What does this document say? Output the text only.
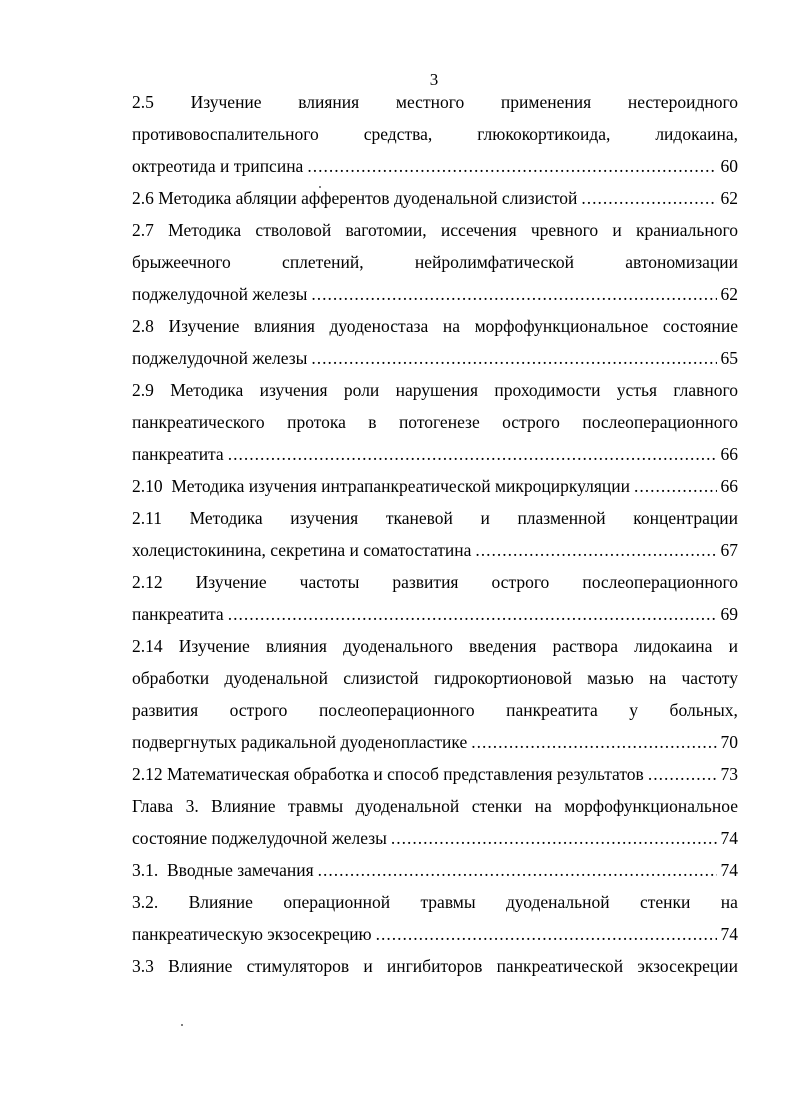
3
2.5 Изучение влияния местного применения нестероидного
противовоспалительного	средства,	глюкокортикоида,	лидокаина,
октреотида и трипсина .....	60
2.6 Методика абляции афферентов дуоденальной слизистой .....	62
2.7 Методика стволовой ваготомии, иссечения чревного и краниального
брыжеечного	сплетений,	нейролимфатической	автономизации
поджелудочной железы .....	62
2.8 Изучение влияния дуоденостаза на морфофункциональное состояние
поджелудочной железы .....	65
2.9 Методика изучения роли нарушения проходимости устья главного
панкреатического протока в потогенезе острого послеоперационного
панкреатита .....	66
2.10  Методика изучения интрапанкреатической микроциркуляции .....	66
2.11 Методика изучения тканевой и плазменной концентрации
холецистокинина, секретина и соматостатина .....	67
2.12 Изучение частоты развития острого послеоперационного
панкреатита .....	69
2.14 Изучение влияния дуоденального введения раствора лидокаина и
обработки дуоденальной слизистой гидрокортионовой мазью на частоту
развития острого послеоперационного панкреатита у больных,
подвергнутых радикальной дуоденопластике .....	70
2.12 Математическая обработка и способ представления результатов .....	73
Глава 3. Влияние травмы дуоденальной стенки на морфофункциональное
состояние поджелудочной железы .....	74
3.1.  Вводные замечания .....	74
3.2. Влияние операционной травмы дуоденальной стенки на
панкреатическую экзосекрецию .....	74
3.3 Влияние стимуляторов и ингибиторов панкреатической экзосекреции
